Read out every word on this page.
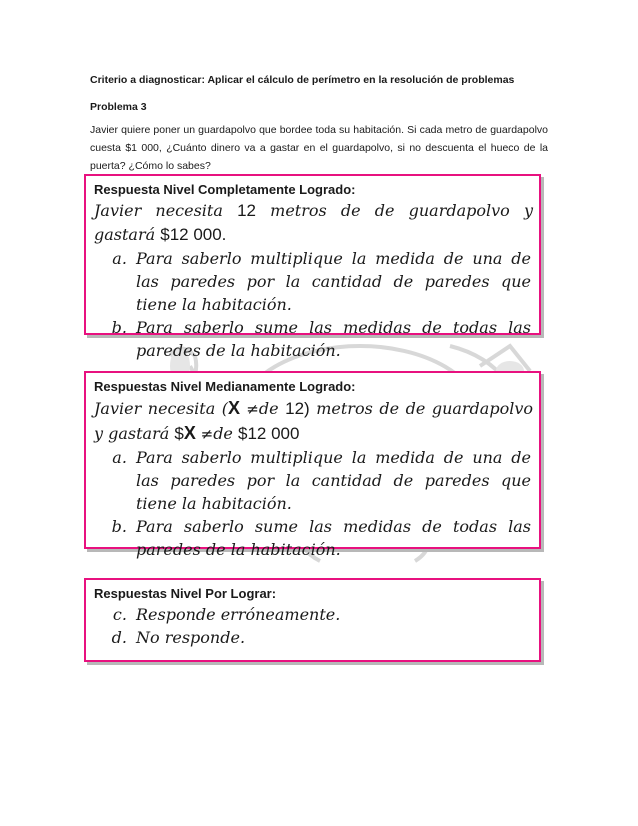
Criterio a diagnosticar: Aplicar el cálculo de perímetro en la resolución de problemas
Problema 3
Javier quiere poner un guardapolvo que bordee toda su habitación. Si cada metro de guardapolvo cuesta $1 000, ¿Cuánto dinero va a gastar en el guardapolvo, si no descuenta el hueco de la puerta? ¿Cómo lo sabes?
Respuesta Nivel Completamente Logrado:
Javier necesita 12 metros de de guardapolvo y gastará $12 000.
a. Para saberlo multiplique la medida de una de las paredes por la cantidad de paredes que tiene la habitación.
b. Para saberlo sume las medidas de todas las paredes de la habitación.
Respuestas Nivel Medianamente Logrado:
Javier necesita (X ≠de 12) metros de de guardapolvo y gastará $X ≠de $12 000
a. Para saberlo multiplique la medida de una de las paredes por la cantidad de paredes que tiene la habitación.
b. Para saberlo sume las medidas de todas las paredes de la habitación.
Respuestas Nivel Por Lograr:
c. Responde erróneamente.
d. No responde.
